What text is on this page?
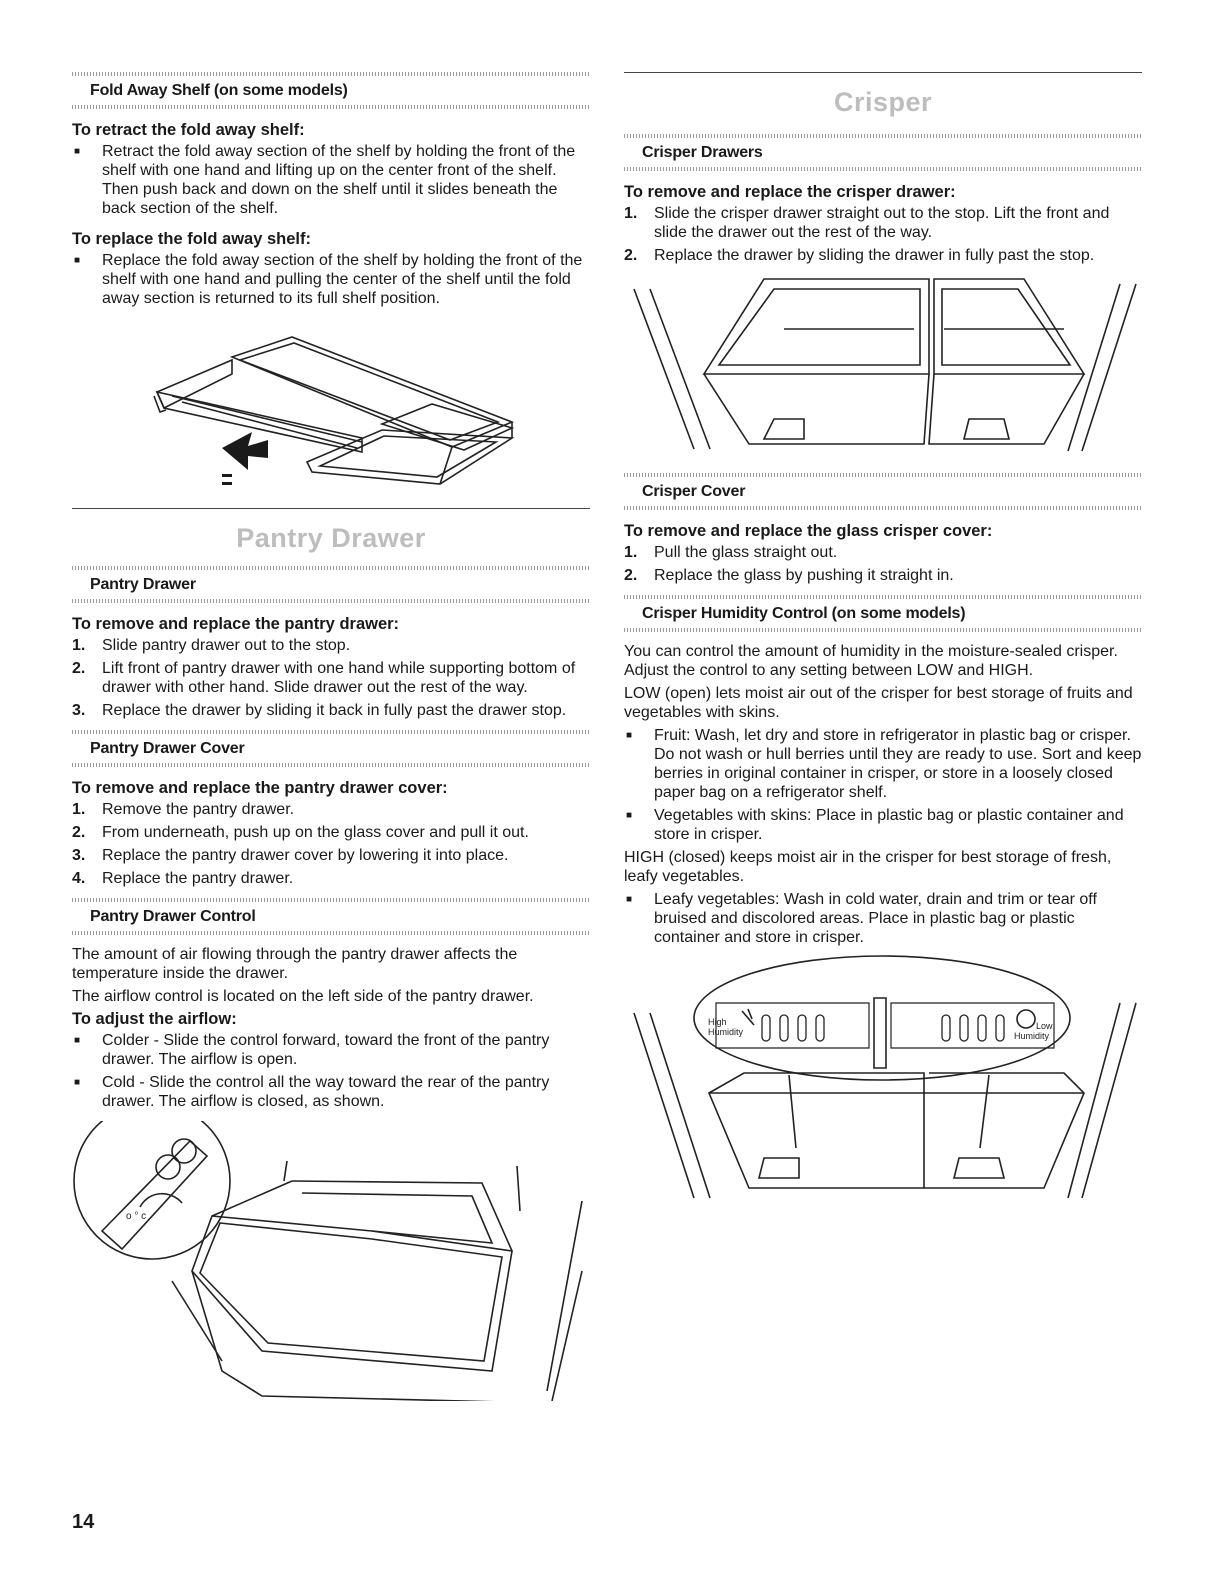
Fold Away Shelf (on some models)
To retract the fold away shelf:
■ Retract the fold away section of the shelf by holding the front of the shelf with one hand and lifting up on the center front of the shelf. Then push back and down on the shelf until it slides beneath the back section of the shelf.
To replace the fold away shelf:
■ Replace the fold away section of the shelf by holding the front of the shelf with one hand and pulling the center of the shelf until the fold away section is returned to its full shelf position.
Pantry Drawer
Pantry Drawer
To remove and replace the pantry drawer:
1. Slide pantry drawer out to the stop.
2. Lift front of pantry drawer with one hand while supporting bottom of drawer with other hand. Slide drawer out the rest of the way.
3. Replace the drawer by sliding it back in fully past the drawer stop.
Pantry Drawer Cover
To remove and replace the pantry drawer cover:
1. Remove the pantry drawer.
2. From underneath, push up on the glass cover and pull it out.
3. Replace the pantry drawer cover by lowering it into place.
4. Replace the pantry drawer.
Pantry Drawer Control

The amount of air flowing through the pantry drawer affects the temperature inside the drawer.

The airflow control is located on the left side of the pantry drawer.

To adjust the airflow:
■ Colder - Slide the control forward, toward the front of the pantry drawer. The airflow is open.
■ Cold - Slide the control all the way toward the rear of the pantry drawer. The airflow is closed, as shown.
o ° c
Crisper
Crisper Drawers
To remove and replace the crisper drawer:
1. Slide the crisper drawer straight out to the stop. Lift the front and slide the drawer out the rest of the way.
2. Replace the drawer by sliding the drawer in fully past the stop.
Crisper Cover
To remove and replace the glass crisper cover:
1. Pull the glass straight out.
2. Replace the glass by pushing it straight in.
Crisper Humidity Control (on some models)

You can control the amount of humidity in the moisture-sealed crisper. Adjust the control to any setting between LOW and HIGH.

LOW (open) lets moist air out of the crisper for best storage of fruits and vegetables with skins.

■ Fruit: Wash, let dry and store in refrigerator in plastic bag or crisper. Do not wash or hull berries until they are ready to use. Sort and keep berries in original container in crisper, or store in a loosely closed paper bag on a refrigerator shelf.
■ Vegetables with skins: Place in plastic bag or plastic container and store in crisper.

HIGH (closed) keeps moist air in the crisper for best storage of fresh, leafy vegetables.

■ Leafy vegetables: Wash in cold water, drain and trim or tear off bruised and discolored areas. Place in plastic bag or plastic container and store in crisper.
High
Humidity
Low
Humidity
14
